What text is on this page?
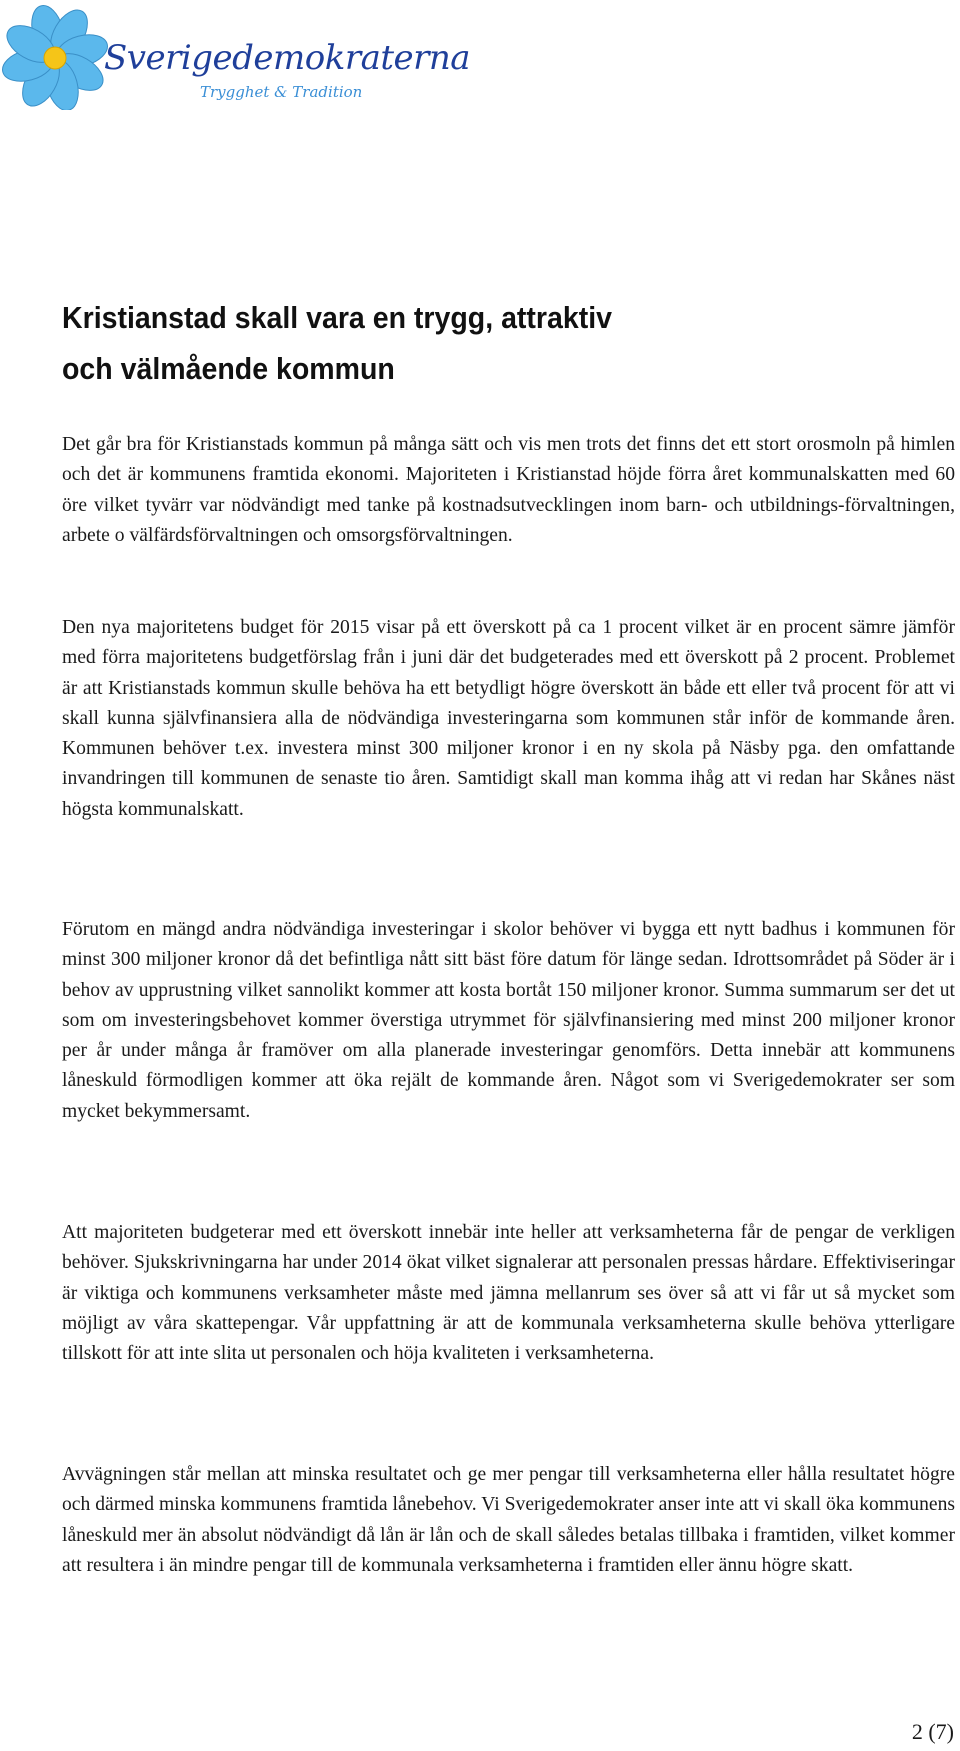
Sverigedemokraterna
Trygghet & Tradition
Kristianstad skall vara en trygg, attraktiv
och välmående kommun

Det går bra för Kristianstads kommun på många sätt och vis men trots det finns det ett stort orosmoln på himlen och det är kommunens framtida ekonomi. Majoriteten i Kristianstad höjde förra året kommunalskatten med 60 öre vilket tyvärr var nödvändigt med tanke på kostnadsutvecklingen inom barn- och utbildnings-förvaltningen, arbete o välfärdsförvaltningen och omsorgsförvaltningen.

Den nya majoritetens budget för 2015 visar på ett överskott på ca 1 procent vilket är en procent sämre jämför med förra majoritetens budgetförslag från i juni där det budgeterades med ett överskott på 2 procent. Problemet är att Kristianstads kommun skulle behöva ha ett betydligt högre överskott än både ett eller två procent för att vi skall kunna självfinansiera alla de nödvändiga investeringarna som kommunen står inför de kommande åren. Kommunen behöver t.ex. investera minst 300 miljoner kronor i en ny skola på Näsby pga. den omfattande invandringen till kommunen de senaste tio åren. Samtidigt skall man komma ihåg att vi redan har Skånes näst högsta kommunalskatt.

Förutom en mängd andra nödvändiga investeringar i skolor behöver vi bygga ett nytt badhus i kommunen för minst 300 miljoner kronor då det befintliga nått sitt bäst före datum för länge sedan. Idrottsområdet på Söder är i behov av upprustning vilket sannolikt kommer att kosta bortåt 150 miljoner kronor. Summa summarum ser det ut som om investeringsbehovet kommer överstiga utrymmet för självfinansiering med minst 200 miljoner kronor per år under många år framöver om alla planerade investeringar genomförs. Detta innebär att kommunens låneskuld förmodligen kommer att öka rejält de kommande åren. Något som vi Sverigedemokrater ser som mycket bekymmersamt.

Att majoriteten budgeterar med ett överskott innebär inte heller att verksamheterna får de pengar de verkligen behöver. Sjukskrivningarna har under 2014 ökat vilket signalerar att personalen pressas hårdare. Effektiviseringar är viktiga och kommunens verksamheter måste med jämna mellanrum ses över så att vi får ut så mycket som möjligt av våra skattepengar. Vår uppfattning är att de kommunala verksamheterna skulle behöva ytterligare tillskott för att inte slita ut personalen och höja kvaliteten i verksamheterna.

Avvägningen står mellan att minska resultatet och ge mer pengar till verksamheterna eller hålla resultatet högre och därmed minska kommunens framtida lånebehov. Vi Sverigedemokrater anser inte att vi skall öka kommunens låneskuld mer än absolut nödvändigt då lån är lån och de skall således betalas tillbaka i framtiden, vilket kommer att resultera i än mindre pengar till de kommunala verksamheterna i framtiden eller ännu högre skatt.

2 (7)
